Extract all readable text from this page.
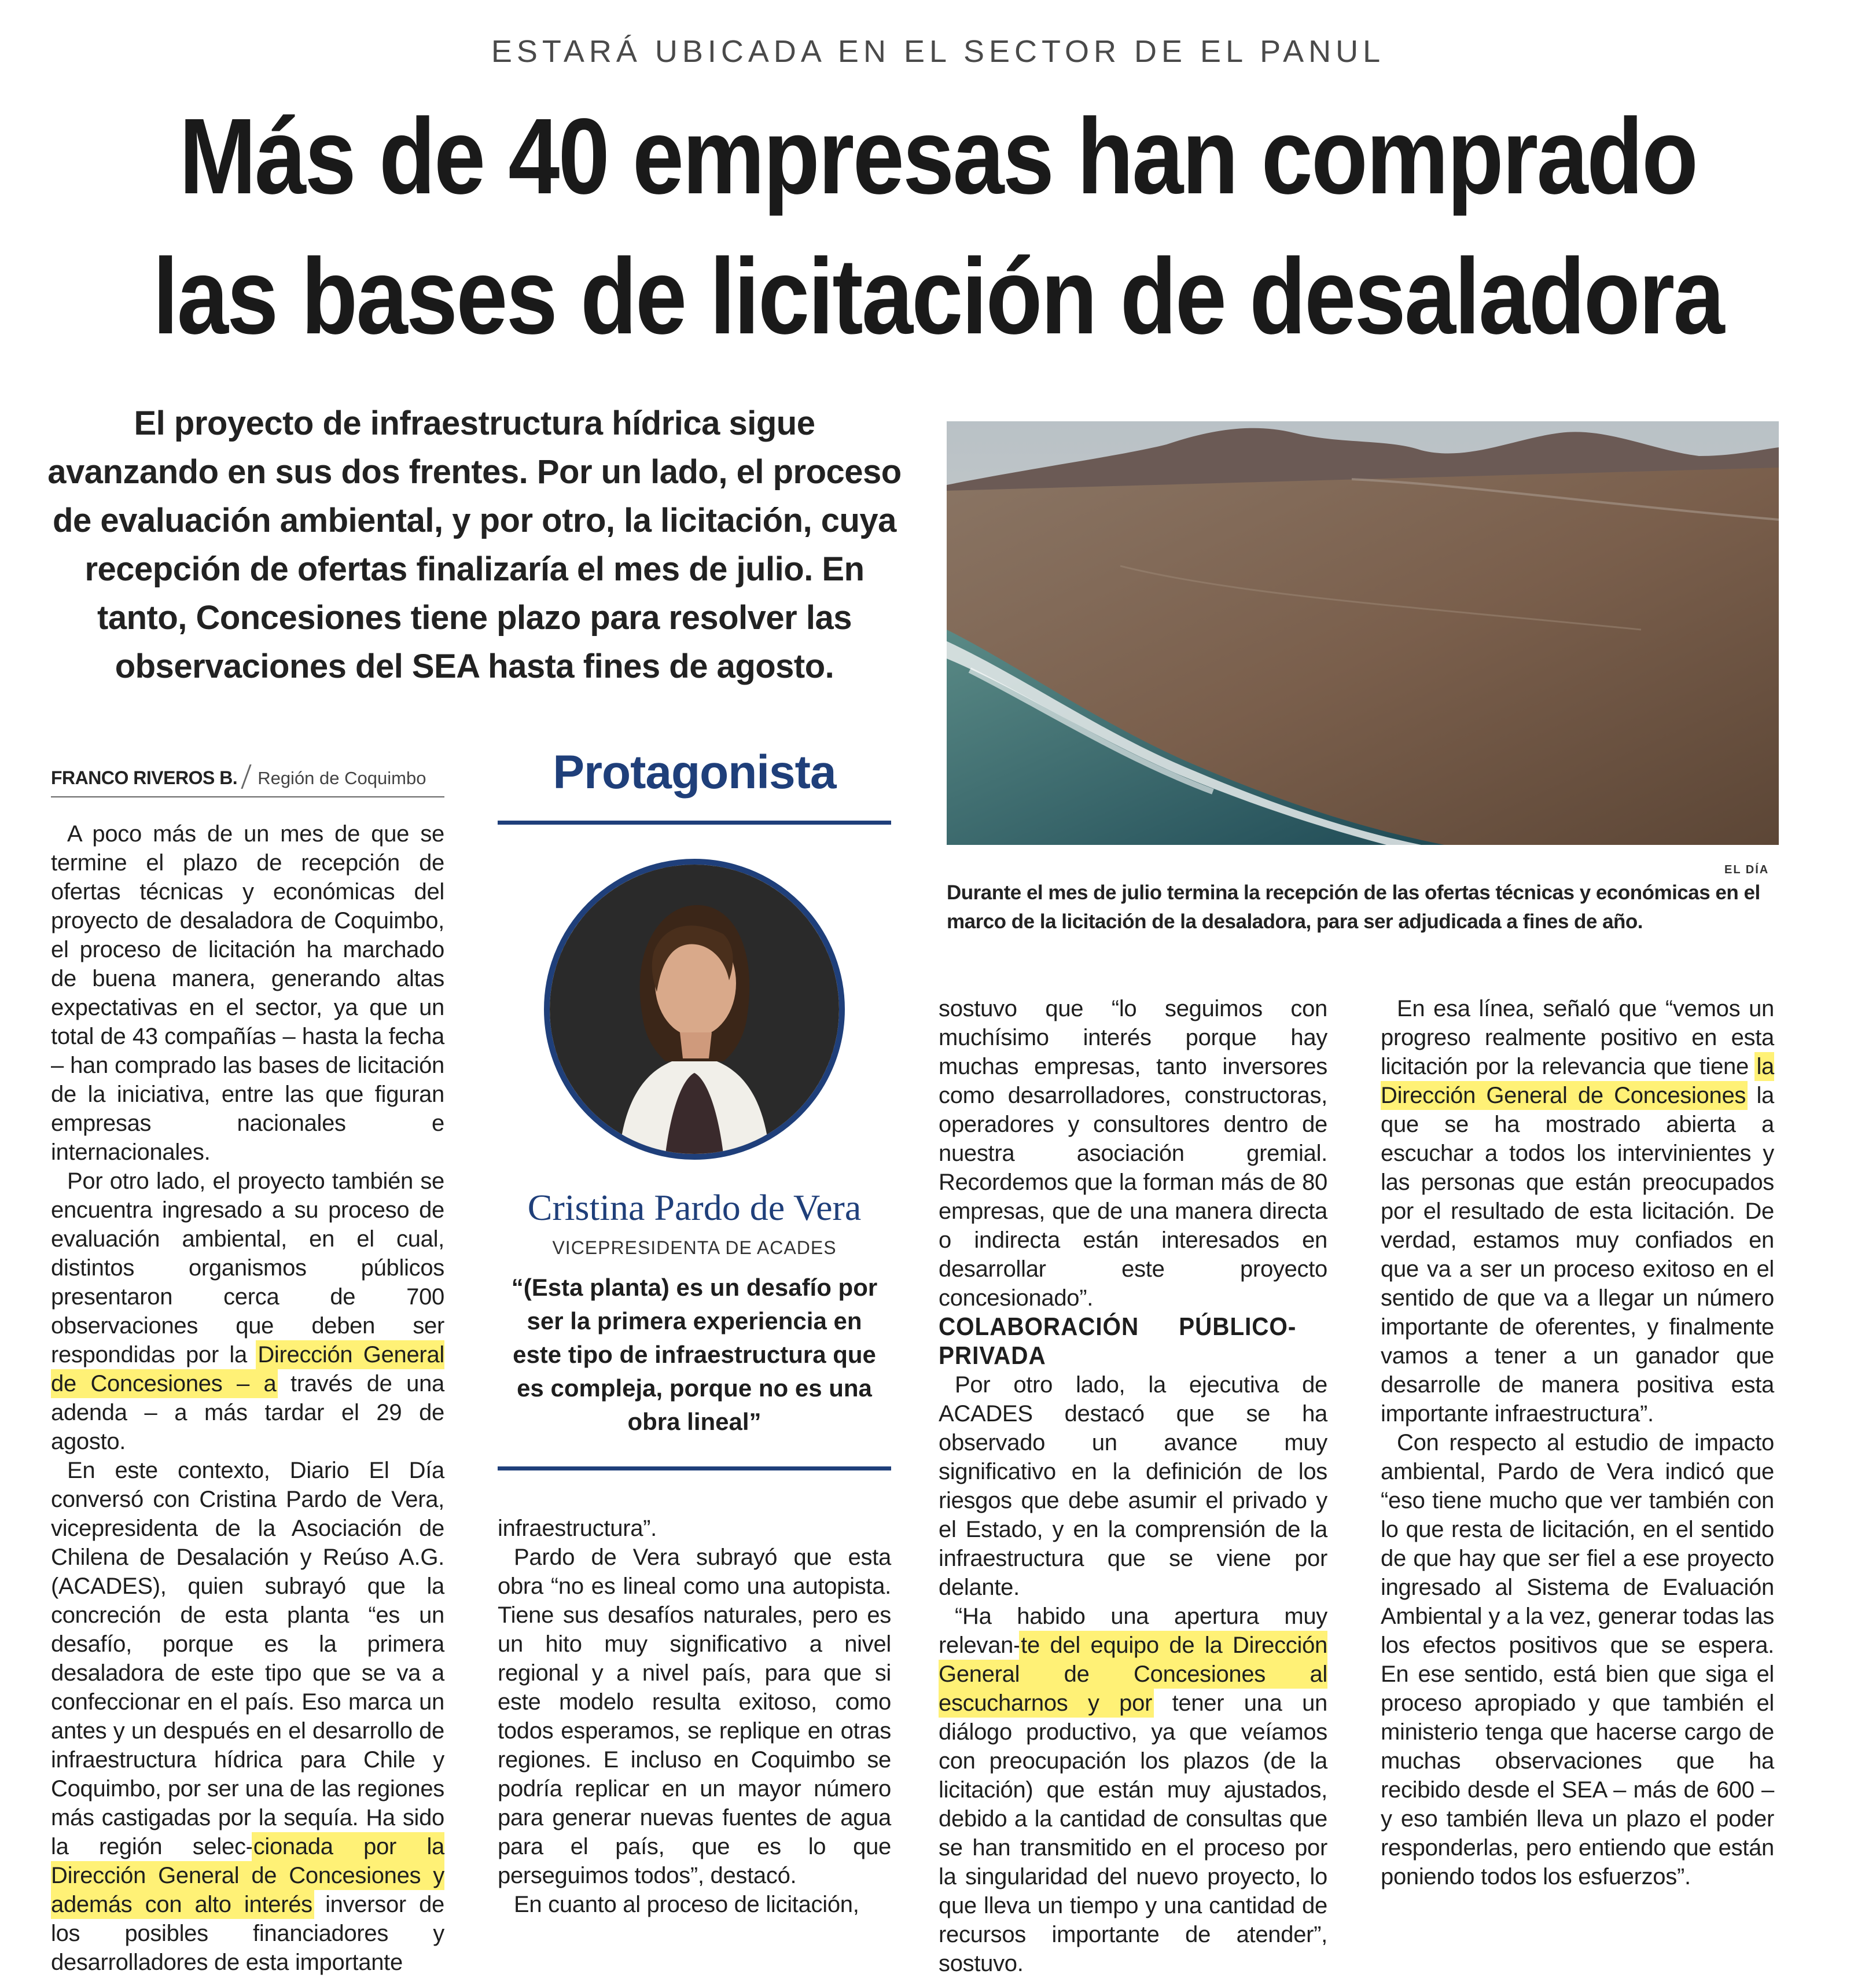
ESTARÁ UBICADA EN EL SECTOR DE EL PANUL
Más de 40 empresas han comprado
las bases de licitación de desaladora
El proyecto de infraestructura hídrica sigue avanzando en sus dos frentes. Por un lado, el proceso de evaluación ambiental, y por otro, la licitación, cuya recepción de ofertas finalizaría el mes de julio. En tanto, Concesiones tiene plazo para resolver las observaciones del SEA hasta fines de agosto.
EL DÍA
Durante el mes de julio termina la recepción de las ofertas técnicas y económicas en el marco de la licitación de la desaladora, para ser adjudicada a fines de año.
FRANCO RIVEROS B. Región de Coquimbo

A poco más de un mes de que se termine el plazo de recepción de ofertas técnicas y económicas del proyecto de desaladora de Coquimbo, el proceso de licitación ha marchado de buena manera, generando altas expectativas en el sector, ya que un total de 43 compañías – hasta la fecha – han comprado las bases de licitación de la iniciativa, entre las que figuran empresas nacionales e internacionales.

Por otro lado, el proyecto también se encuentra ingresado a su proceso de evaluación ambiental, en el cual, distintos organismos públicos presentaron cerca de 700 observaciones que deben ser respondidas por la Dirección General de Concesiones – a través de una adenda – a más tardar el 29 de agosto.

En este contexto, Diario El Día conversó con Cristina Pardo de Vera, vicepresidenta de la Asociación de Chilena de Desalación y Reúso A.G. (ACADES), quien subrayó que la concreción de esta planta “es un desafío, porque es la primera desaladora de este tipo que se va a confeccionar en el país. Eso marca un antes y un después en el desarrollo de infraestructura hídrica para Chile y Coquimbo, por ser una de las regiones más castigadas por la sequía. Ha sido la región selec-cionada por la Dirección General de Concesiones y además con alto interés inversor de los posibles financiadores y desarrolladores de esta importante

Protagonista
Cristina Pardo de Vera
VICEPRESIDENTA DE ACADES
“(Esta planta) es un desafío por ser la primera experiencia en este tipo de infraestructura que es compleja, porque no es una obra lineal”

infraestructura”.

Pardo de Vera subrayó que esta obra “no es lineal como una autopista. Tiene sus desafíos naturales, pero es un hito muy significativo a nivel regional y a nivel país, para que si este modelo resulta exitoso, como todos esperamos, se replique en otras regiones. E incluso en Coquimbo se podría replicar en un mayor número para generar nuevas fuentes de agua para el país, que es lo que perseguimos todos”, destacó.

En cuanto al proceso de licitación,

sostuvo que “lo seguimos con muchísimo interés porque hay muchas empresas, tanto inversores como desarrolladores, constructoras, operadores y consultores dentro de nuestra asociación gremial. Recordemos que la forman más de 80 empresas, que de una manera directa o indirecta están interesados en desarrollar este proyecto concesionado”.

COLABORACIÓN PÚBLICO-PRIVADA

Por otro lado, la ejecutiva de ACADES destacó que se ha observado un avance muy significativo en la definición de los riesgos que debe asumir el privado y el Estado, y en la comprensión de la infraestructura que se viene por delante.

“Ha habido una apertura muy relevan-te del equipo de la Dirección General de Concesiones al escucharnos y por tener una un diálogo productivo, ya que veíamos con preocupación los plazos (de la licitación) que están muy ajustados, debido a la cantidad de consultas que se han transmitido en el proceso por la singularidad del nuevo proyecto, lo que lleva un tiempo y una cantidad de recursos importante de atender”, sostuvo.

En esa línea, señaló que “vemos un progreso realmente positivo en esta licitación por la relevancia que tiene la Dirección General de Concesiones la que se ha mostrado abierta a escuchar a todos los intervinientes y las personas que están preocupados por el resultado de esta licitación. De verdad, estamos muy confiados en que va a ser un proceso exitoso en el sentido de que va a llegar un número importante de oferentes, y finalmente vamos a tener a un ganador que desarrolle de manera positiva esta importante infraestructura”.

Con respecto al estudio de impacto ambiental, Pardo de Vera indicó que “eso tiene mucho que ver también con lo que resta de licitación, en el sentido de que hay que ser fiel a ese proyecto ingresado al Sistema de Evaluación Ambiental y a la vez, generar todas las los efectos positivos que se espera. En ese sentido, está bien que siga el proceso apropiado y que también el ministerio tenga que hacerse cargo de muchas observaciones que ha recibido desde el SEA – más de 600 – y eso también lleva un plazo el poder responderlas, pero entiendo que están poniendo todos los esfuerzos”.
